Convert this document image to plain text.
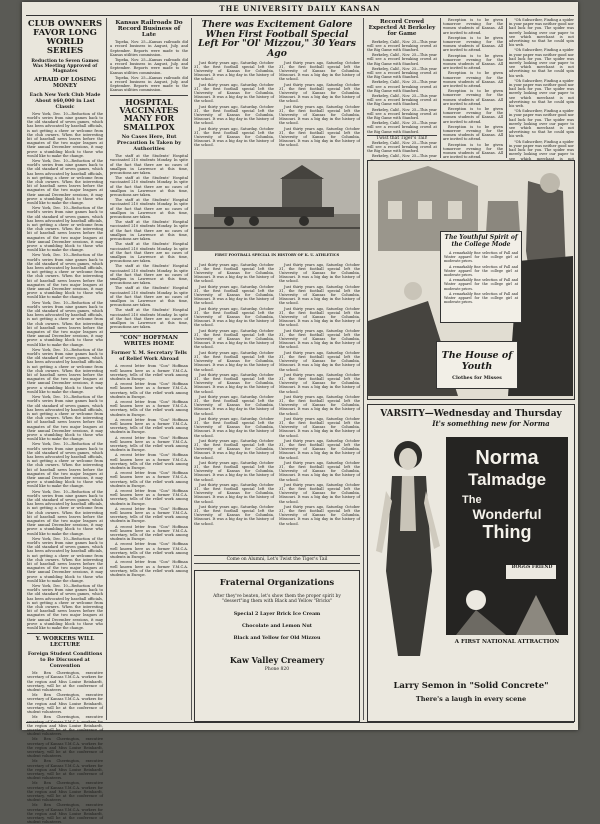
THE UNIVERSITY DAILY KANSAN
CLUB OWNERS FAVOR LONG WORLD SERIES
Reduction to Seven Games Was Meeting Approved of Magnates
AFRAID OF LOSING MONEY
Each New York Club Made About $60,000 in Last Classic

New York, Dec. 10—Reduction of the world's series from nine games back to the old standard of seven games, which has been advocated by baseball officials, is not getting a cheer or welcome from the club owners. When the interesting bit of baseball news leaves before the magnates of the two major leagues at their annual December sessions, it may prove a stumbling block to those who would like to make the change.

New York, Dec. 10—Reduction of the world's series from nine games back to the old standard of seven games, which has been advocated by baseball officials, is not getting a cheer or welcome from the club owners. When the interesting bit of baseball news leaves before the magnates of the two major leagues at their annual December sessions, it may prove a stumbling block to those who would like to make the change.

New York, Dec. 10—Reduction of the world's series from nine games back to the old standard of seven games, which has been advocated by baseball officials, is not getting a cheer or welcome from the club owners. When the interesting bit of baseball news leaves before the magnates of the two major leagues at their annual December sessions, it may prove a stumbling block to those who would like to make the change.

New York, Dec. 10—Reduction of the world's series from nine games back to the old standard of seven games, which has been advocated by baseball officials, is not getting a cheer or welcome from the club owners. When the interesting bit of baseball news leaves before the magnates of the two major leagues at their annual December sessions, it may prove a stumbling block to those who would like to make the change.

New York, Dec. 10—Reduction of the world's series from nine games back to the old standard of seven games, which has been advocated by baseball officials, is not getting a cheer or welcome from the club owners. When the interesting bit of baseball news leaves before the magnates of the two major leagues at their annual December sessions, it may prove a stumbling block to those who would like to make the change.

New York, Dec. 10—Reduction of the world's series from nine games back to the old standard of seven games, which has been advocated by baseball officials, is not getting a cheer or welcome from the club owners. When the interesting bit of baseball news leaves before the magnates of the two major leagues at their annual December sessions, it may prove a stumbling block to those who would like to make the change.

New York, Dec. 10—Reduction of the world's series from nine games back to the old standard of seven games, which has been advocated by baseball officials, is not getting a cheer or welcome from the club owners. When the interesting bit of baseball news leaves before the magnates of the two major leagues at their annual December sessions, it may prove a stumbling block to those who would like to make the change.

New York, Dec. 10—Reduction of the world's series from nine games back to the old standard of seven games, which has been advocated by baseball officials, is not getting a cheer or welcome from the club owners. When the interesting bit of baseball news leaves before the magnates of the two major leagues at their annual December sessions, it may prove a stumbling block to those who would like to make the change.

New York, Dec. 10—Reduction of the world's series from nine games back to the old standard of seven games, which has been advocated by baseball officials, is not getting a cheer or welcome from the club owners. When the interesting bit of baseball news leaves before the magnates of the two major leagues at their annual December sessions, it may prove a stumbling block to those who would like to make the change.

New York, Dec. 10—Reduction of the world's series from nine games back to the old standard of seven games, which has been advocated by baseball officials, is not getting a cheer or welcome from the club owners. When the interesting bit of baseball news leaves before the magnates of the two major leagues at their annual December sessions, it may prove a stumbling block to those who would like to make the change.

New York, Dec. 10—Reduction of the world's series from nine games back to the old standard of seven games, which has been advocated by baseball officials, is not getting a cheer or welcome from the club owners. When the interesting bit of baseball news leaves before the magnates of the two major leagues at their annual December sessions, it may prove a stumbling block to those who would like to make the change.

Y. WORKERS WILL LECTURE
Foreign Student Conditions to Be Discussed at Convention

Mr. Ben Cherrington, executive secretary of Kansas Y.M.C.A. workers for the region and Miss Louise Reinhardt, secretary, will be at the conference of student volunteers.

Mr. Ben Cherrington, executive secretary of Kansas Y.M.C.A. workers for the region and Miss Louise Reinhardt, secretary, will be at the conference of student volunteers.

Mr. Ben Cherrington, executive the region and Miss Louise Reinhardt, secretary, will be at the conference of student volunteers.

Mr. Ben Cherrington, executive secretary of Kansas Y.M.C.A. workers for the region and Miss Louise Reinhardt, secretary, will be at the conference of student volunteers.

Mr. Ben Cherrington, executive secretary of Kansas Y.M.C.A. workers for the region and Miss Louise Reinhardt, secretary, will be at the conference of student volunteers.

Mr. Ben Cherrington, executive secretary of Kansas Y.M.C.A. workers for the region and Miss Louise Reinhardt, secretary, will be at the conference of student volunteers.

Mr. Ben Cherrington, executive secretary of Kansas Y.M.C.A. workers for the region and Miss Louise Reinhardt, secretary, will be at the conference of student volunteers.

Kansas Railroads Do Record Business of Late

Topeka, Nov. 25—Kansas railroads did a record business in August, July, and September. Reports were made to the Kansas utilities commission.

Topeka, Nov. 25—Kansas railroads did a record business in August, July, and September. Reports were made to the Kansas utilities commission.

Topeka, Nov. 25—Kansas railroads did a record business in August, July, and September. Reports were made to the Kansas utilities commission.

HOSPITAL VACCINATES MANY FOR SMALLPOX
No Cases Here, But Precaution Is Taken by Authorities

The staff at the Students' Hospital vaccinated 210 students Monday. In spite of the fact that there are no cases of smallpox in Lawrence at this time, precautions are taken.

The staff at the Students' Hospital vaccinated 210 students Monday. In spite of the fact that there are no cases of smallpox in Lawrence at this time, precautions are taken.

The staff at the Students' Hospital vaccinated 210 students Monday. In spite of the fact that there are no cases of smallpox in Lawrence at this time, precautions are taken.

The staff at the Students' Hospital vaccinated 210 students Monday. In spite of the fact that there are no cases of smallpox in Lawrence at this time, precautions are taken.

The staff at the Students' Hospital vaccinated 210 students Monday. In spite of the fact that there are no cases of smallpox in Lawrence at this time, precautions are taken.

The staff at the Students' Hospital vaccinated 210 students Monday. In spite of the fact that there are no cases of smallpox in Lawrence at this time, precautions are taken.

The staff at the Students' Hospital vaccinated 210 students Monday. In spite of the fact that there are no cases of smallpox in Lawrence at this time, precautions are taken.

The staff at the Students' Hospital vaccinated 210 students Monday. In spite of the fact that there are no cases of smallpox in Lawrence at this time, precautions are taken.

"CON" HOFFMAN WRITES HOME
Former Y. M. Secretary Tells of Relief Work Abroad

A recent letter from "Con" Hoffman well known here as a former Y.M.C.A. secretary, tells of the relief work among students in Europe.

A recent letter from "Con" Hoffman well known here as a former Y.M.C.A. secretary, tells of the relief work among students in Europe.

A recent letter from "Con" Hoffman well known here as a former Y.M.C.A. secretary, tells of the relief work among students in Europe.

A recent letter from "Con" Hoffman well known here as a former Y.M.C.A. secretary, tells of the relief work among students in Europe.

A recent letter from "Con" Hoffman well known here as a former Y.M.C.A. secretary, tells of the relief work among students in Europe.

A recent letter from "Con" Hoffman well known here as a former Y.M.C.A. secretary, tells of the relief work among students in Europe.

A recent letter from "Con" Hoffman well known here as a former Y.M.C.A. secretary, tells of the relief work among students in Europe.

A recent letter from "Con" Hoffman well known here as a former Y.M.C.A. secretary, tells of the relief work among students in Europe.

A recent letter from "Con" Hoffman well known here as a former Y.M.C.A. secretary, tells of the relief work among students in Europe.

A recent letter from "Con" Hoffman well known here as a former Y.M.C.A. secretary, tells of the relief work among students in Europe.

A recent letter from "Con" Hoffman well known here as a former Y.M.C.A. secretary, tells of the relief work among students in Europe.

A recent letter from "Con" Hoffman well known here as a former Y.M.C.A. secretary, tells of the relief work among students in Europe.

There was Excitement Galore When First Football Special Left For "Ol' Mizzou," 30 Years Ago

Just thirty years ago, Saturday, October 31, the first football special left the University of Kansas for Columbia, Missouri. It was a big day in the history of the school.

Just thirty years ago, Saturday, October 31, the first football special left the University of Kansas for Columbia, Missouri. It was a big day in the history of the school.

Just thirty years ago, Saturday, October 31, the first football special left the University of Kansas for Columbia, Missouri. It was a big day in the history of the school.

Just thirty years ago, Saturday, October 31, the first football special left the University of Kansas for Columbia, Missouri. It was a big day in the history of the school.

Just thirty years ago, Saturday, October 31, the first football special left the University of Kansas for Columbia, Missouri. It was a big day in the history of the school.

Just thirty years ago, Saturday, October 31, the first football special left the University of Kansas for Columbia, Missouri. It was a big day in the history of the school.

Just thirty years ago, Saturday, October 31, the first football special left the University of Kansas for Columbia, Missouri. It was a big day in the history of the school.

Just thirty years ago, Saturday, October 31, the first football special left the University of Kansas for Columbia, Missouri. It was a big day in the history of the school.

FIRST FOOTBALL SPECIAL IN HISTORY OF K. U. ATHLETICS

Just thirty years ago, Saturday, October 31, the first football special left the University of Kansas for Columbia, Missouri. It was a big day in the history of the school.

Just thirty years ago, Saturday, October 31, the first football special left the University of Kansas for Columbia, Missouri. It was a big day in the history of the school.

Just thirty years ago, Saturday, October 31, the first football special left the University of Kansas for Columbia, Missouri. It was a big day in the history of the school.

Just thirty years ago, Saturday, October 31, the first football special left the University of Kansas for Columbia, Missouri. It was a big day in the history of the school.

Just thirty years ago, Saturday, October 31, the first football special left the University of Kansas for Columbia, Missouri. It was a big day in the history of the school.

Just thirty years ago, Saturday, October 31, the first football special left the University of Kansas for Columbia, Missouri. It was a big day in the history of the school.

Just thirty years ago, Saturday, October 31, the first football special left the University of Kansas for Columbia, Missouri. It was a big day in the history of the school.

Just thirty years ago, Saturday, October 31, the first football special left the University of Kansas for Columbia, Missouri. It was a big day in the history of the school.

Just thirty years ago, Saturday, October 31, the first football special left the University of Kansas for Columbia, Missouri. It was a big day in the history of the school.

Just thirty years ago, Saturday, October 31, the first football special left the University of Kansas for Columbia, Missouri. It was a big day in the history of the school.

Just thirty years ago, Saturday, October 31, the first football special left the University of Kansas for Columbia, Missouri. It was a big day in the history of the school.

Just thirty years ago, Saturday, October 31, the first football special left the University of Kansas for Columbia, Missouri. It was a big day in the history of the school.

Just thirty years ago, Saturday, October 31, the first football special left the University of Kansas for Columbia, Missouri. It was a big day in the history of the school.

Just thirty years ago, Saturday, October 31, the first football special left the University of Kansas for Columbia, Missouri. It was a big day in the history of the school.

Just thirty years ago, Saturday, October 31, the first football special left the University of Kansas for Columbia, Missouri. It was a big day in the history of the school.

Just thirty years ago, Saturday, October 31, the first football special left the University of Kansas for Columbia, Missouri. It was a big day in the history of the school.

Just thirty years ago, Saturday, October 31, the first football special left the University of Kansas for Columbia, Missouri. It was a big day in the history of the school.

Just thirty years ago, Saturday, October 31, the first football special left the University of Kansas for Columbia, Missouri. It was a big day in the history of the school.

Just thirty years ago, Saturday, October 31, the first football special left the University of Kansas for Columbia, Missouri. It was a big day in the history of the school.

Just thirty years ago, Saturday, October 31, the first football special left the University of Kansas for Columbia, Missouri. It was a big day in the history of the school.

Just thirty years ago, Saturday, October 31, the first football special left the University of Kansas for Columbia, Missouri. It was a big day in the history of the school.

Just thirty years ago, Saturday, October 31, the first football special left the University of Kansas for Columbia, Missouri. It was a big day in the history of the school.

Just thirty years ago, Saturday, October 31, the first football special left the University of Kansas for Columbia, Missouri. It was a big day in the history of the school.

Just thirty years ago, Saturday, October 31, the first football special left the University of Kansas for Columbia, Missouri. It was a big day in the history of the school.

Come on Alumni, Let's Twist the Tiger's Tail
Fraternal Organizations
After they've beaten, let's show them the proper spirit by "dessert"ing them with Black and Yellow "Bricks"
Special 2 Layer Brick Ice Cream
Chocolate and Lemon Nut
Black and Yellow for Old Mizzou
Kaw Valley Creamery
Phone 820
Record Crowd Expected At Berkeley for Game

Berkeley, Calif., Nov. 25—This year will see a record breaking crowd at the Big Game with Stanford.

Berkeley, Calif., Nov. 25—This year will see a record breaking crowd at the Big Game with Stanford.

Berkeley, Calif., Nov. 25—This year will see a record breaking crowd at the Big Game with Stanford.

Berkeley, Calif., Nov. 25—This year will see a record breaking crowd at the Big Game with Stanford.

Berkeley, Calif., Nov. 25—This year will see a record breaking crowd at the Big Game with Stanford.

Berkeley, Calif., Nov. 25—This year will see a record breaking crowd at the Big Game with Stanford.

Berkeley, Calif., Nov. 25—This year will see a record breaking crowd at the Big Game with Stanford.

Twist that Tiger's Tail!

Berkeley, Calif., Nov. 25—This year will see a record breaking crowd at the Big Game with Stanford.

Berkeley, Calif., Nov. 25—This year

Reception is to be given tomorrow evening for the women students of Kansas. All are invited to attend.

Reception is to be given tomorrow evening for the women students of Kansas. All are invited to attend.

Reception is to be given tomorrow evening for the women students of Kansas. All are invited to attend.

Reception is to be given tomorrow evening for the women students of Kansas. All are invited to attend.

Reception is to be given tomorrow evening for the women students of Kansas. All are invited to attend.

Reception is to be given tomorrow evening for the women students of Kansas. All are invited to attend.

Reception is to be given tomorrow evening for the women students of Kansas. All are invited to attend.

Reception is to be given tomorrow evening for the women students of Kansas. All are invited to attend.

"Oh Subscriber, Finding a spider in your paper was neither good nor bad luck for you. The spider was merely looking over our paper to see which merchant is not advertising so that he could spin his web.

"Oh Subscriber, Finding a spider in your paper was neither good nor bad luck for you. The spider was merely looking over our paper to see which merchant is not advertising so that he could spin his web.

"Oh Subscriber, Finding a spider in your paper was neither good nor bad luck for you. The spider was merely looking over our paper to see which merchant is not advertising so that he could spin his web.

"Oh Subscriber, Finding a spider in your paper was neither good nor bad luck for you. The spider was merely looking over our paper to see which merchant is not advertising so that he could spin his web.

"Oh Subscriber, Finding a spider in your paper was neither good nor bad luck for you. The spider was merely looking over our paper to see which merchant is not

The Youthful Spirit of the College Mode

A remarkably fine selection of Fall and Winter apparel for the college girl at moderate prices.

A remarkably fine selection of Fall and Winter apparel for the college girl at moderate prices.

A remarkably fine selection of Fall and Winter apparel for the college girl at moderate prices.

A remarkably fine selection of Fall and Winter apparel for the college girl at moderate prices.

The House of Youth
Clothes for Misses
VARSITY—Wednesday and Thursday
It's something new for Norma
Norma
Talmadge
The
Wonderful
Thing
BOGGS FRIEND
A FIRST NATIONAL ATTRACTION
Larry Semon in "Solid Concrete"
There's a laugh in every scene
